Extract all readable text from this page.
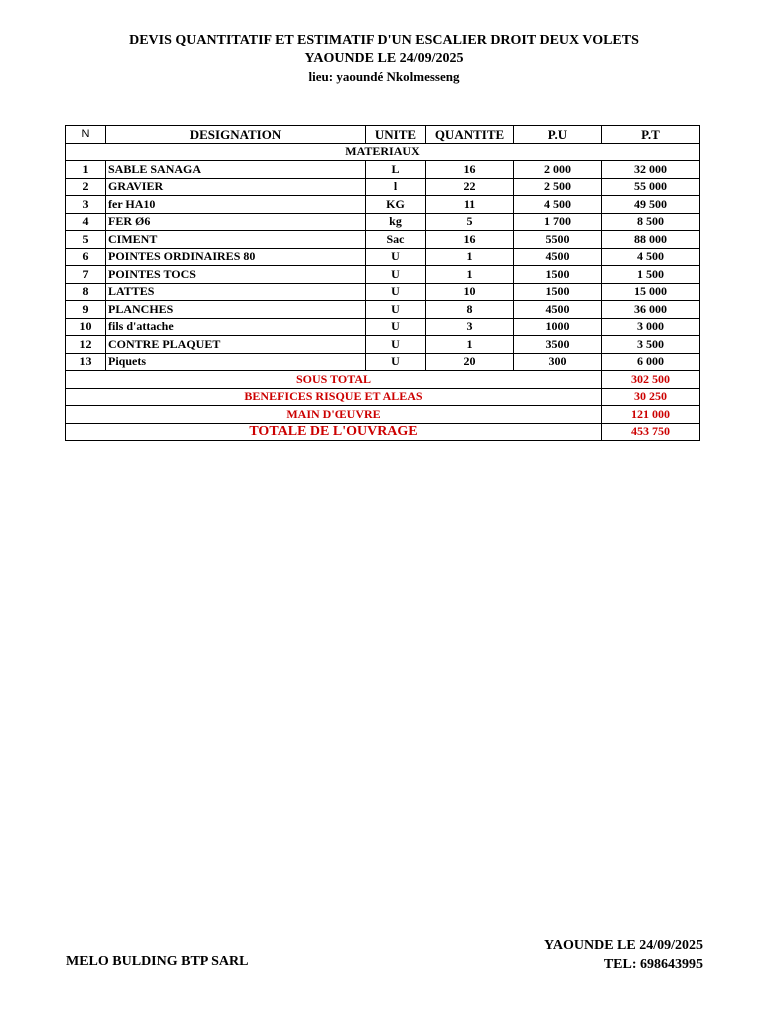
DEVIS QUANTITATIF ET ESTIMATIF D'UN ESCALIER DROIT DEUX VOLETS
YAOUNDE LE 24/09/2025
lieu: yaoundé Nkolmesseng
N	DESIGNATION	UNITE	QUANTITE	P.U	P.T
MATERIAUX					
1	SABLE SANAGA	L	16	2 000	32 000
2	GRAVIER	l	22	2 500	55 000
3	fer HA10	KG	11	4 500	49 500
4	FER Ø6	kg	5	1 700	8 500
5	CIMENT	Sac	16	5500	88 000
6	POINTES ORDINAIRES 80	U	1	4500	4 500
7	POINTES TOCS	U	1	1500	1 500
8	LATTES	U	10	1500	15 000
9	PLANCHES	U	8	4500	36 000
10	fils d'attache	U	3	1000	3 000
12	CONTRE PLAQUET	U	1	3500	3 500
13	Piquets	U	20	300	6 000
SOUS TOTAL					302 500
BENEFICES RISQUE ET ALEAS					30 250
MAIN D'ŒUVRE					121 000
TOTALE DE L'OUVRAGE					453 750
MELO BULDING BTP SARL
YAOUNDE LE 24/09/2025
TEL: 698643995
